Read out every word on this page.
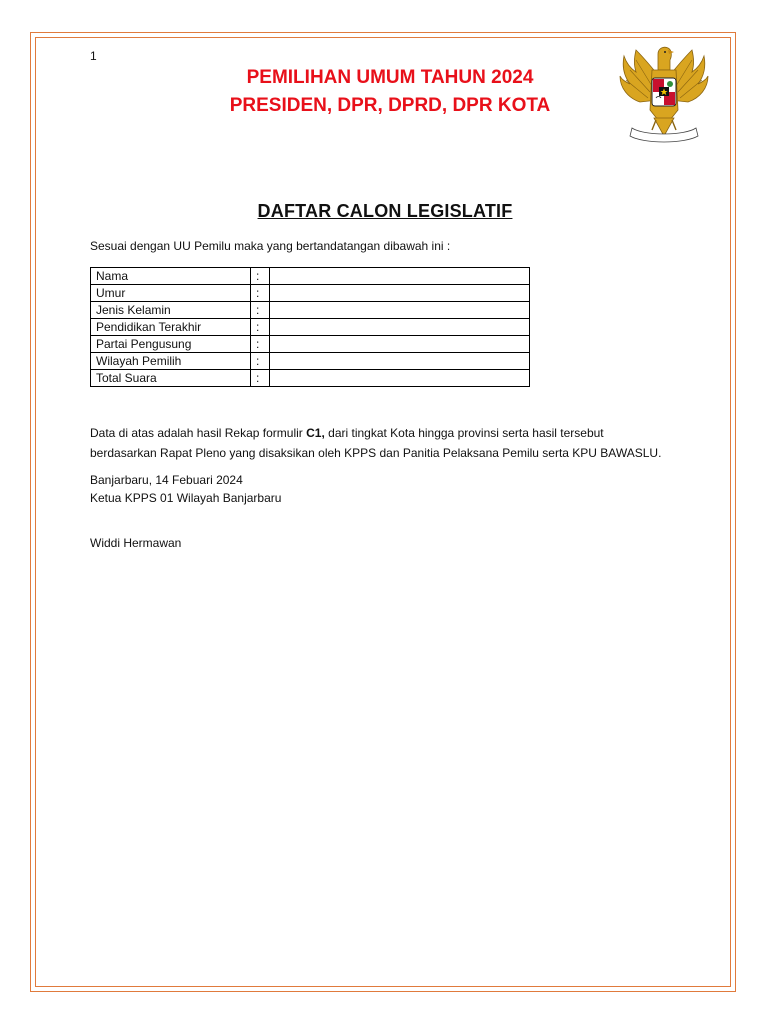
1
PEMILIHAN UMUM TAHUN 2024
PRESIDEN, DPR, DPRD, DPR KOTA
DAFTAR CALON LEGISLATIF
Sesuai dengan UU Pemilu maka yang bertandatangan dibawah ini :
Nama	:	
Umur	:	
Jenis Kelamin	:	
Pendidikan Terakhir	:	
Partai Pengusung	:	
Wilayah Pemilih	:	
Total Suara	:	
Data di atas adalah hasil Rekap formulir C1, dari tingkat Kota hingga provinsi serta hasil tersebut
berdasarkan Rapat Pleno yang disaksikan oleh KPPS dan Panitia Pelaksana Pemilu serta KPU BAWASLU.
Banjarbaru, 14 Febuari 2024
Ketua KPPS 01 Wilayah Banjarbaru
Widdi Hermawan
